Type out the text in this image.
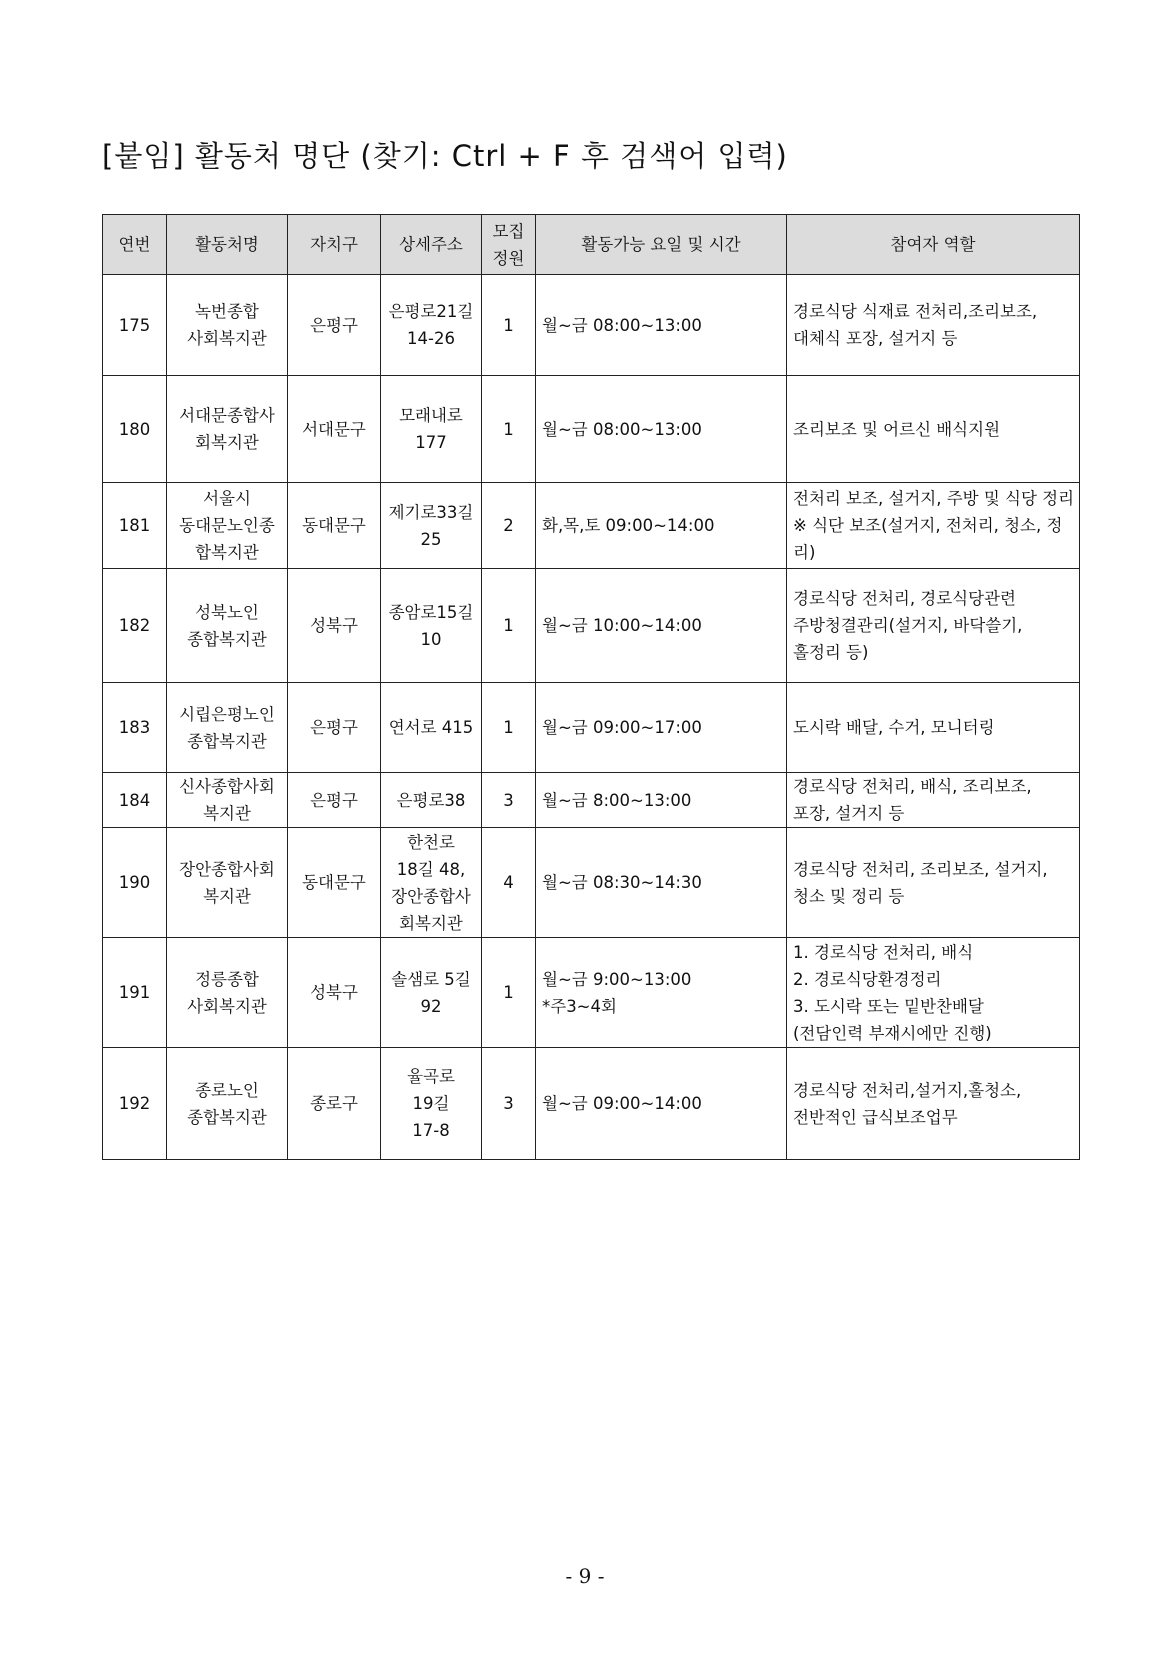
[붙임] 활동처 명단 (찾기: Ctrl + F 후 검색어 입력)
연번	활동처명	자치구	상세주소	모집
정원	활동가능 요일 및 시간	참여자 역할
175	녹번종합
사회복지관	은평구	은평로21길
14-26	1	월~금 08:00~13:00	경로식당 식재료 전처리,조리보조,
대체식 포장, 설거지 등
180	서대문종합사
회복지관	서대문구	모래내로
177	1	월~금 08:00~13:00	조리보조 및 어르신 배식지원
181	서울시
동대문노인종
합복지관	동대문구	제기로33길
25	2	화,목,토 09:00~14:00	전처리 보조, 설거지, 주방 및 식당 정리
※ 식단 보조(설거지, 전처리, 청소, 정리)
182	성북노인
종합복지관	성북구	종암로15길
10	1	월~금 10:00~14:00	경로식당 전처리, 경로식당관련
주방청결관리(설거지, 바닥쓸기,
홀정리 등)
183	시립은평노인
종합복지관	은평구	연서로 415	1	월~금 09:00~17:00	도시락 배달, 수거, 모니터링
184	신사종합사회
복지관	은평구	은평로38	3	월~금 8:00~13:00	경로식당 전처리, 배식, 조리보조,
포장, 설거지 등
190	장안종합사회
복지관	동대문구	한천로
18길 48,
장안종합사
회복지관	4	월~금 08:30~14:30	경로식당 전처리, 조리보조, 설거지,
청소 및 정리 등
191	정릉종합
사회복지관	성북구	솔샘로 5길
92	1	월~금 9:00~13:00
*주3~4회	1. 경로식당 전처리, 배식
2. 경로식당환경정리
3. 도시락 또는 밑반찬배달
(전담인력 부재시에만 진행)
192	종로노인
종합복지관	종로구	율곡로
19길
17-8	3	월~금 09:00~14:00	경로식당 전처리,설거지,홀청소,
전반적인 급식보조업무
- 9 -
